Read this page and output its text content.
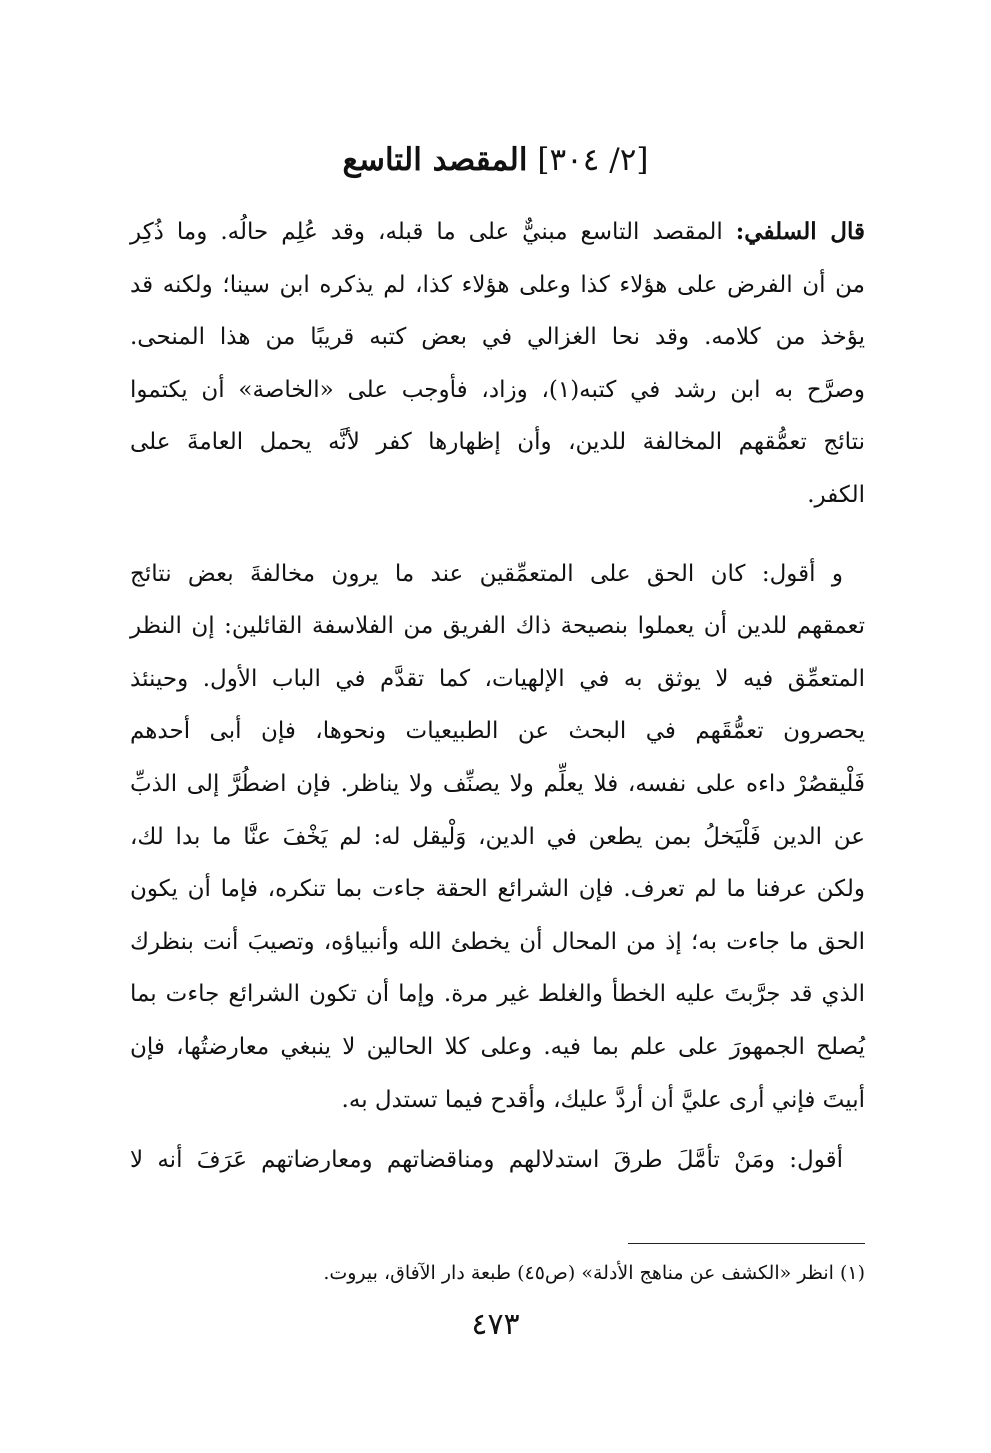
[٢/ ٣٠٤] المقصد التاسع

قال السلفي: المقصد التاسع مبنيٌّ على ما قبله، وقد عُلِم حالُه. وما ذُكِر
من أن الفرض على هؤلاء كذا وعلى هؤلاء كذا، لم يذكره ابن سينا؛ ولكنه قد
يؤخذ من كلامه. وقد نحا الغزالي في بعض كتبه قريبًا من هذا المنحى.
وصرَّح به ابن رشد في كتبه(١)، وزاد، فأوجب على «الخاصة» أن يكتموا
نتائج تعمُّقهم المخالفة للدين، وأن إظهارها كفر لأنَّه يحمل العامةَ على
الكفر.

و أقول: كان الحق على المتعمِّقين عند ما يرون مخالفةَ بعض نتائج
تعمقهم للدين أن يعملوا بنصيحة ذاك الفريق من الفلاسفة القائلين: إن النظر
المتعمِّق فيه لا يوثق به في الإلهيات، كما تقدَّم في الباب الأول. وحينئذ
يحصرون تعمُّقَهم في البحث عن الطبيعيات ونحوها، فإن أبى أحدهم
فَلْيقصُرْ داءه على نفسه، فلا يعلِّم ولا يصنِّف ولا يناظر. فإن اضطُرَّ إلى الذبِّ
عن الدين فَلْيَخلُ بمن يطعن في الدين، وَلْيقل له: لم يَخْفَ عنَّا ما بدا لك،
ولكن عرفنا ما لم تعرف. فإن الشرائع الحقة جاءت بما تنكره، فإما أن يكون
الحق ما جاءت به؛ إذ من المحال أن يخطئ الله وأنبياؤه، وتصيبَ أنت بنظرك
الذي قد جرَّبتَ عليه الخطأ والغلط غير مرة. وإما أن تكون الشرائع جاءت بما
يُصلح الجمهورَ على علم بما فيه. وعلى كلا الحالين لا ينبغي معارضتُها، فإن
أبيتَ فإني أرى عليَّ أن أردَّ عليك، وأقدح فيما تستدل به.

أقول: ومَنْ تأمَّلَ طرقَ استدلالهم ومناقضاتهم ومعارضاتهم عَرَفَ أنه لا

(١) انظر «الكشف عن مناهج الأدلة» (ص٤٥) طبعة دار الآفاق، بيروت.
٤٧٣
